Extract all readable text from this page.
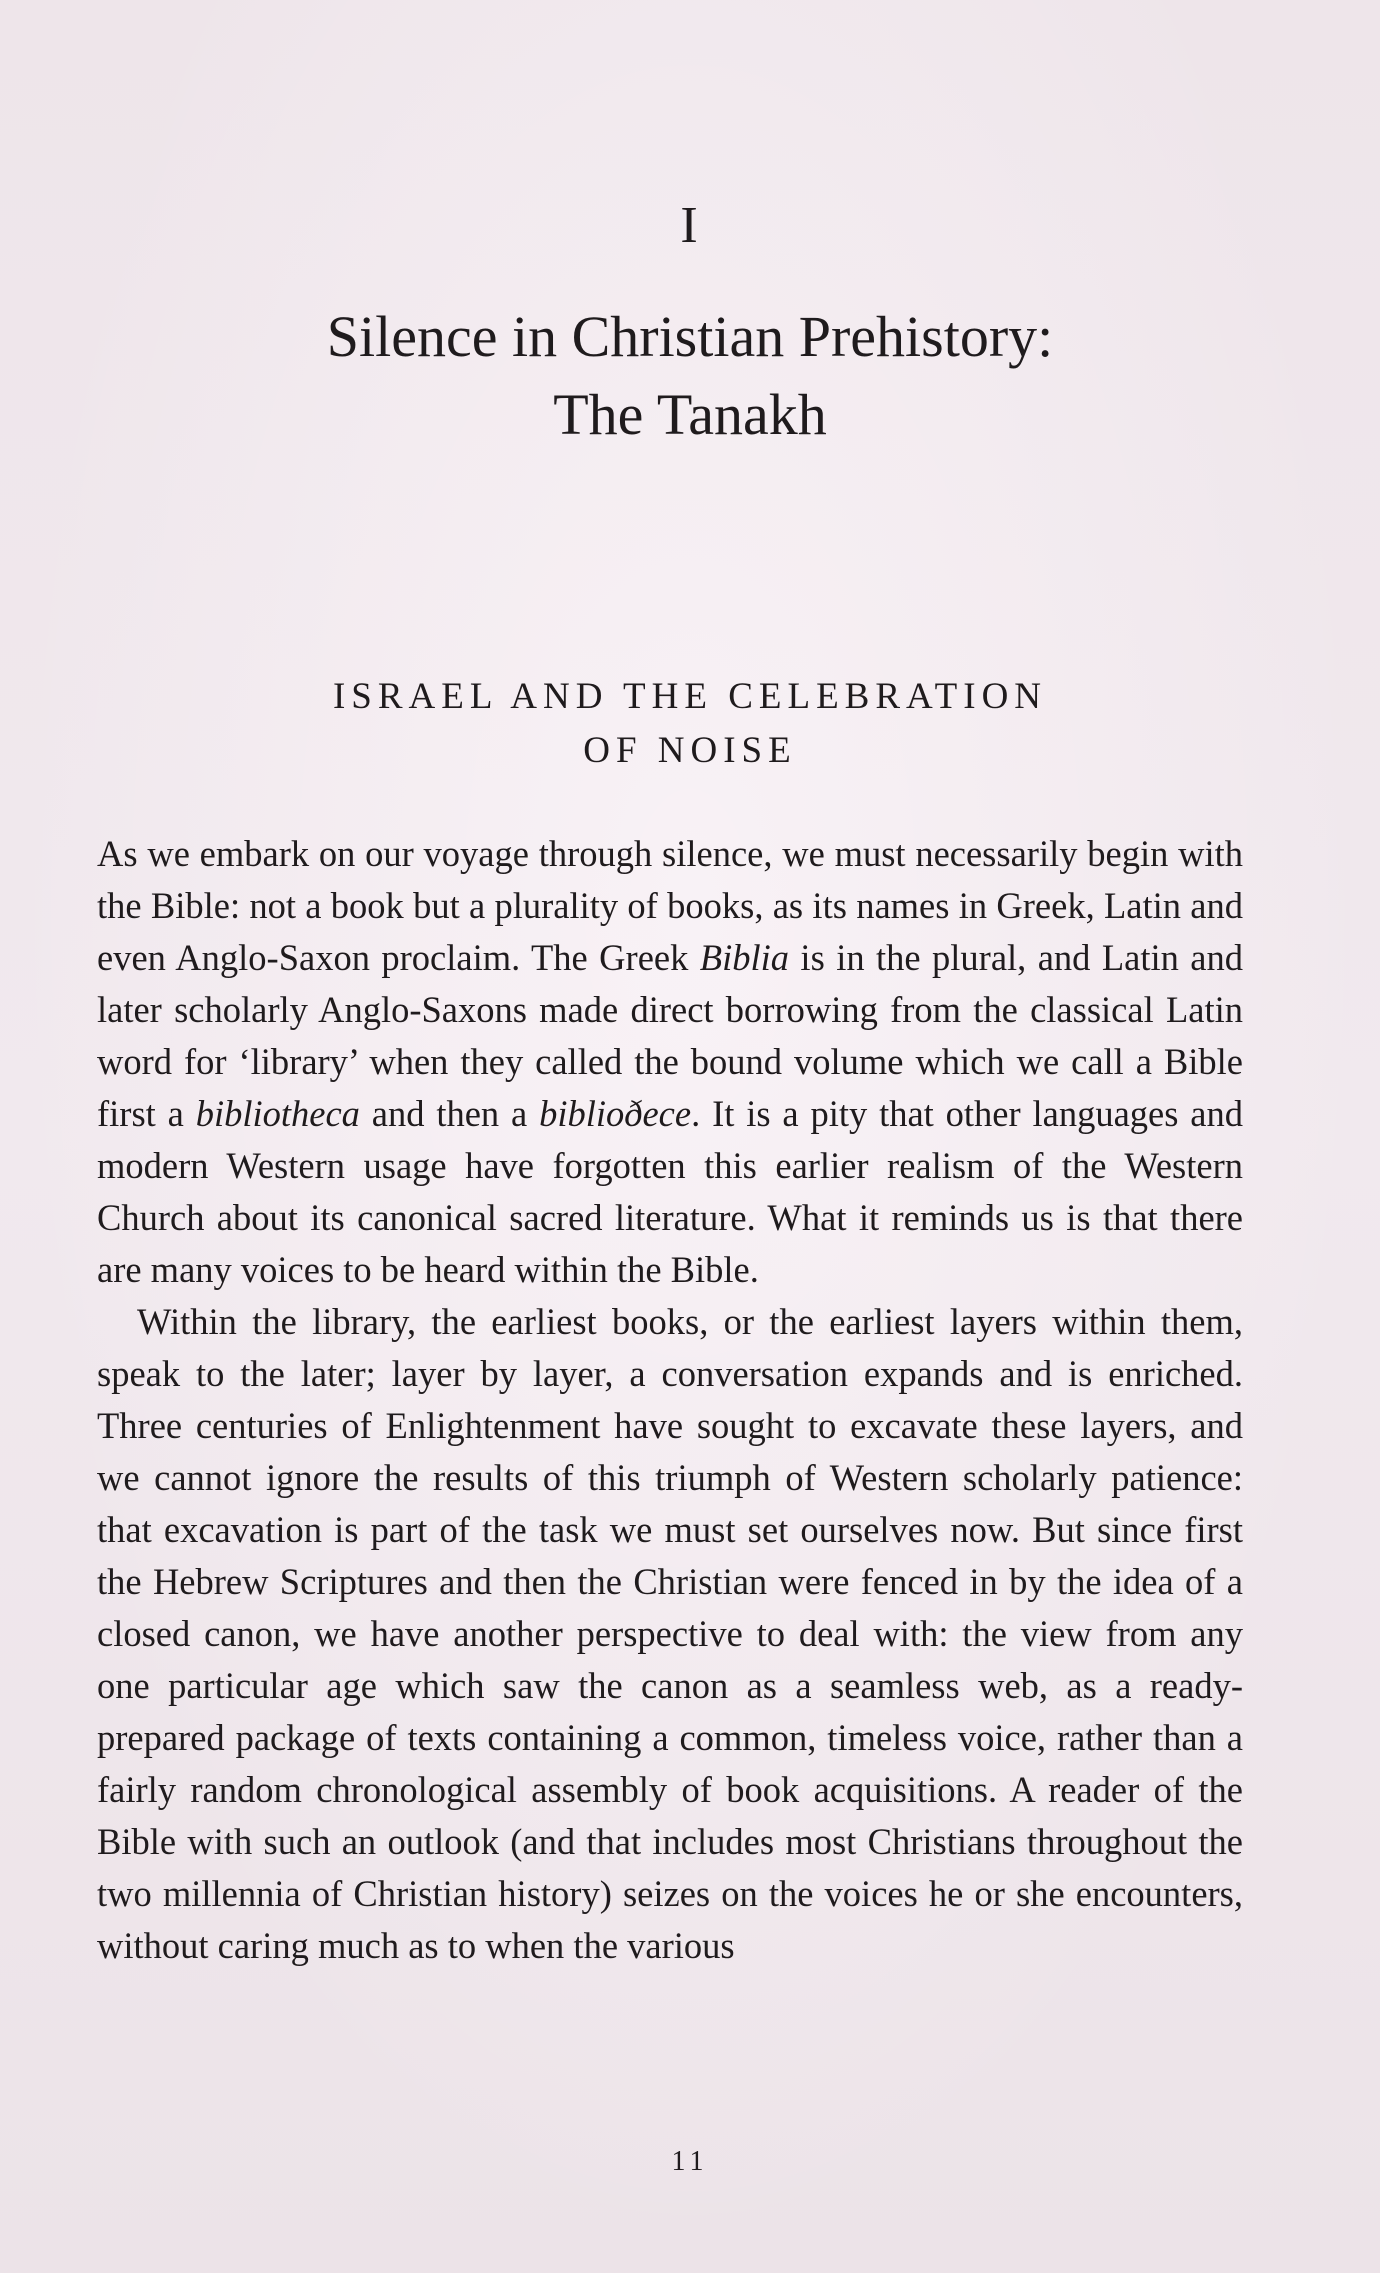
I
Silence in Christian Prehistory:
The Tanakh
ISRAEL AND THE CELEBRATION
OF NOISE

As we embark on our voyage through silence, we must necessarily begin with the Bible: not a book but a plurality of books, as its names in Greek, Latin and even Anglo-Saxon proclaim. The Greek Biblia is in the plural, and Latin and later scholarly Anglo-Saxons made direct borrowing from the classical Latin word for ‘library’ when they called the bound volume which we call a Bible first a bibliotheca and then a biblioðece. It is a pity that other languages and modern Western usage have forgotten this earlier realism of the Western Church about its canonical sacred literature. What it reminds us is that there are many voices to be heard within the Bible.

Within the library, the earliest books, or the earliest layers within them, speak to the later; layer by layer, a conversation expands and is enriched. Three centuries of Enlightenment have sought to excavate these layers, and we cannot ignore the results of this triumph of Western scholarly patience: that excavation is part of the task we must set ourselves now. But since first the Hebrew Scriptures and then the Christian were fenced in by the idea of a closed canon, we have another perspective to deal with: the view from any one particular age which saw the canon as a seamless web, as a ready-prepared package of texts containing a common, timeless voice, rather than a fairly random chronological assembly of book acquisitions. A reader of the Bible with such an outlook (and that includes most Christians throughout the two millennia of Christian history) seizes on the voices he or she encounters, without caring much as to when the various

11
